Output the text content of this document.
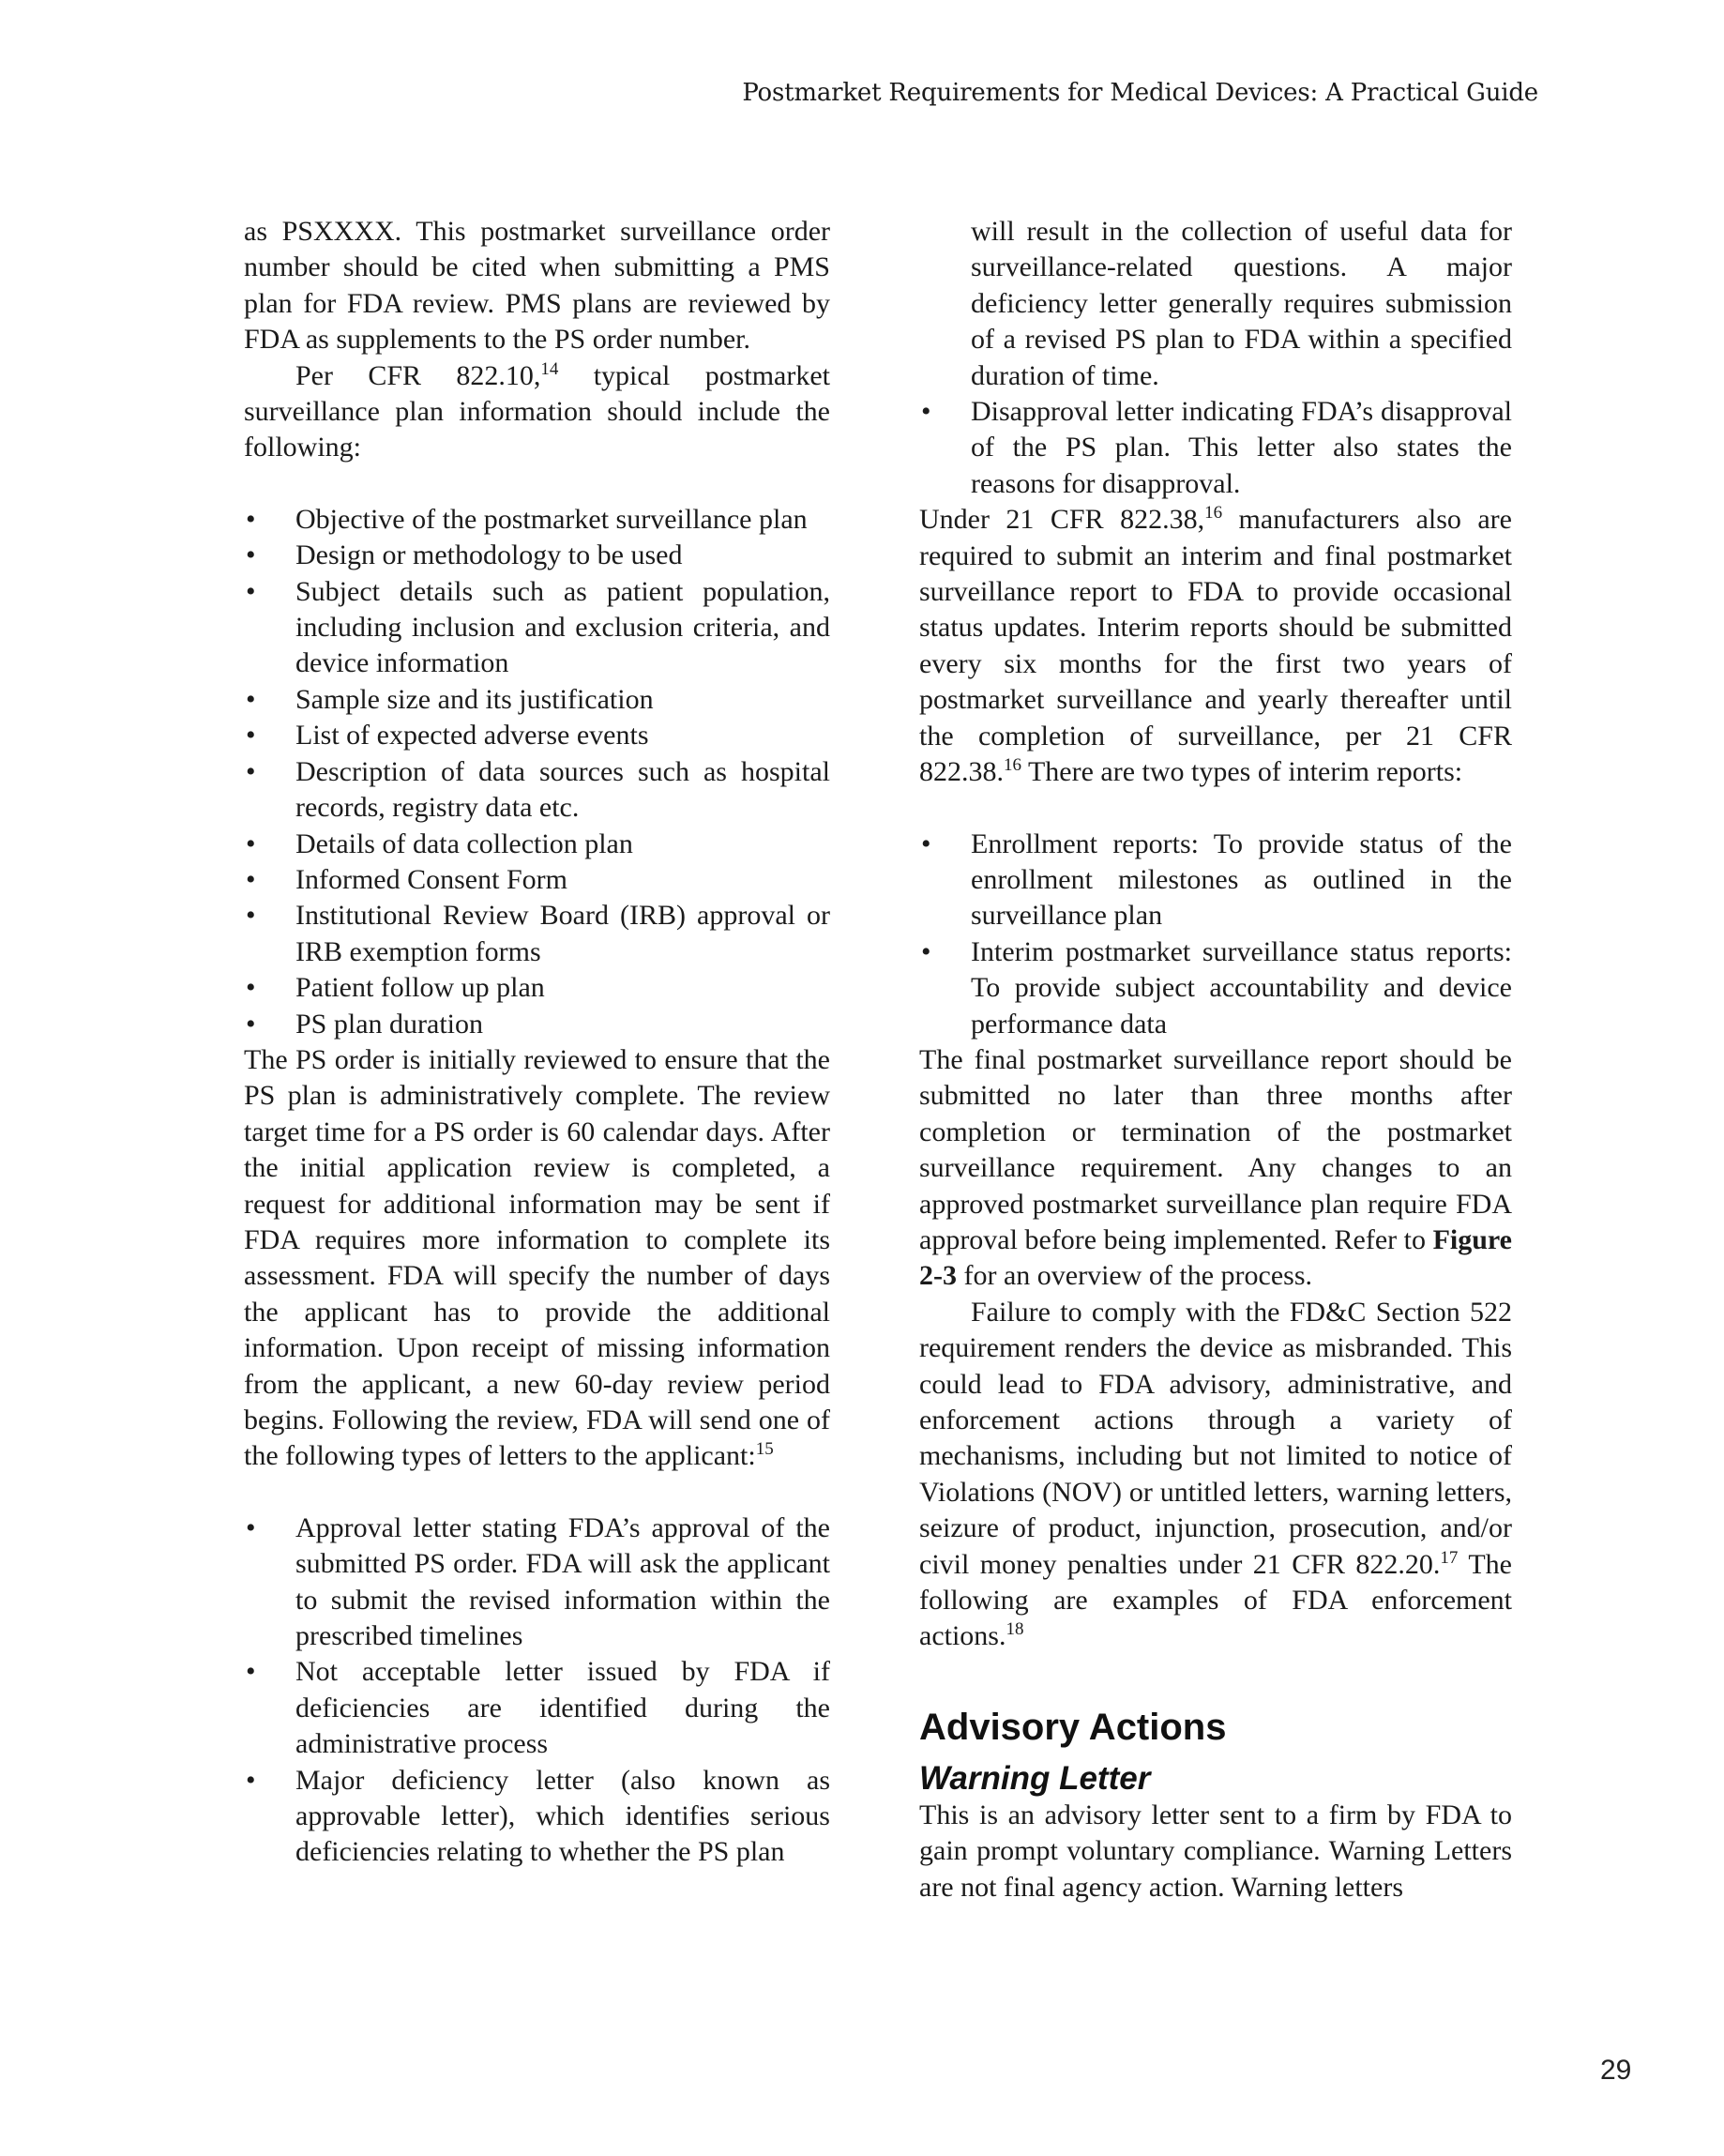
Postmarket Requirements for Medical Devices: A Practical Guide

as PSXXXX. This postmarket surveillance order number should be cited when submitting a PMS plan for FDA review. PMS plans are reviewed by FDA as supplements to the PS order number.

Per CFR 822.10,14 typical postmarket surveillance plan information should include the following:

• Objective of the postmarket surveillance plan
• Design or methodology to be used
• Subject details such as patient population, including inclusion and exclusion criteria, and device information
• Sample size and its justification
• List of expected adverse events
• Description of data sources such as hospital records, registry data etc.
• Details of data collection plan
• Informed Consent Form
• Institutional Review Board (IRB) approval or IRB exemption forms
• Patient follow up plan
• PS plan duration

The PS order is initially reviewed to ensure that the PS plan is administratively complete. The review target time for a PS order is 60 calendar days. After the initial application review is completed, a request for additional information may be sent if FDA requires more information to complete its assessment. FDA will specify the number of days the applicant has to provide the additional information. Upon receipt of missing information from the applicant, a new 60-day review period begins. Following the review, FDA will send one of the following types of letters to the applicant:$^{15}$

• Approval letter stating FDA’s approval of the submitted PS order. FDA will ask the applicant to submit the revised information within the prescribed timelines
• Not acceptable letter issued by FDA if deficiencies are identified during the administrative process
• Major deficiency letter (also known as approvable letter), which identifies serious deficiencies relating to whether the PS plan

will result in the collection of useful data for surveillance-related questions. A major deficiency letter generally requires submission of a revised PS plan to FDA within a specified duration of time.

• Disapproval letter indicating FDA’s disapproval of the PS plan. This letter also states the reasons for disapproval.

Under 21 CFR 822.38,16 manufacturers also are required to submit an interim and final postmarket surveillance report to FDA to provide occasional status updates. Interim reports should be submitted every six months for the first two years of postmarket surveillance and yearly thereafter until the completion of surveillance, per 21 CFR 822.38.16 There are two types of interim reports:

• Enrollment reports: To provide status of the enrollment milestones as outlined in the surveillance plan
• Interim postmarket surveillance status reports: To provide subject accountability and device performance data

The final postmarket surveillance report should be submitted no later than three months after completion or termination of the postmarket surveillance requirement. Any changes to an approved postmarket surveillance plan require FDA approval before being implemented. Refer to Figure 2-3 for an overview of the process.

Failure to comply with the FD&C Section 522 requirement renders the device as misbranded. This could lead to FDA advisory, administrative, and enforcement actions through a variety of mechanisms, including but not limited to notice of Violations (NOV) or untitled letters, warning letters, seizure of product, injunction, prosecution, and/or civil money penalties under 21 CFR 822.20.17 The following are examples of FDA enforcement actions.$^{18}$

Advisory Actions
Warning Letter

This is an advisory letter sent to a firm by FDA to gain prompt voluntary compliance. Warning Letters are not final agency action. Warning letters

29
